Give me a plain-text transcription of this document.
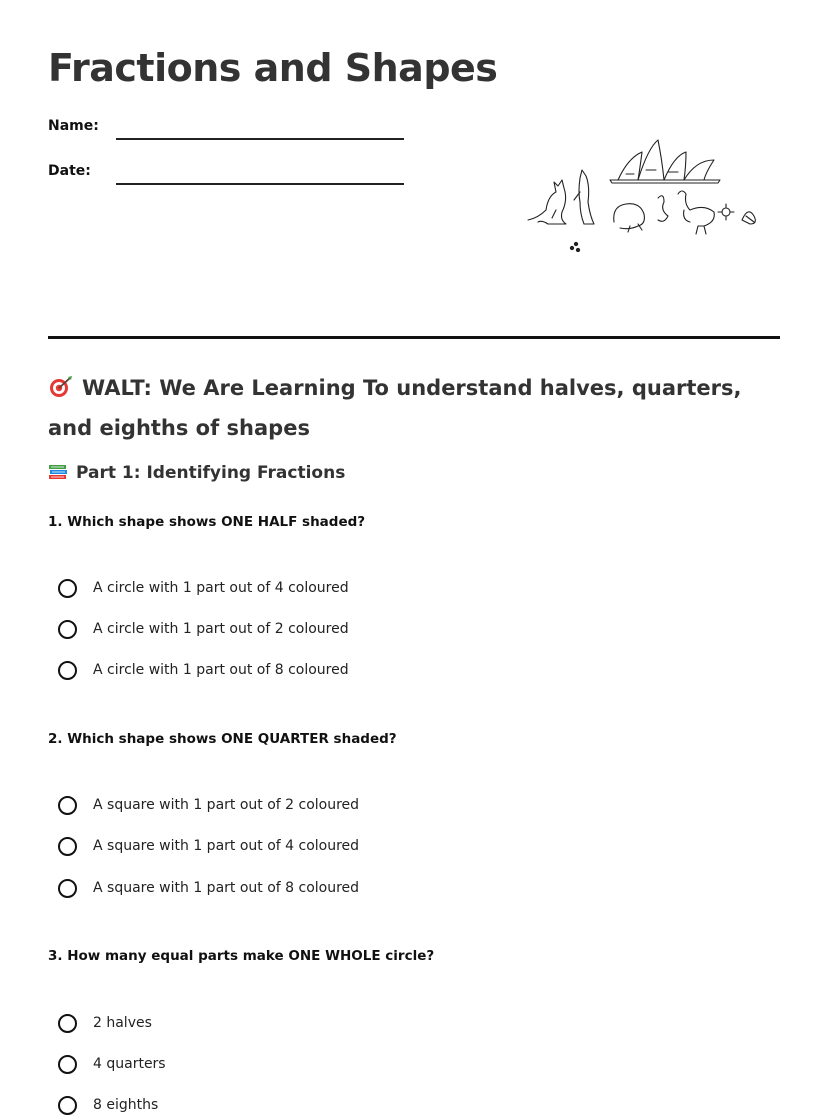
Fractions and Shapes
Name:
Date:
WALT: We Are Learning To understand halves, quarters, and eighths of shapes
Part 1: Identifying Fractions

1. Which shape shows ONE HALF shaded?

A circle with 1 part out of 4 coloured
A circle with 1 part out of 2 coloured
A circle with 1 part out of 8 coloured

2. Which shape shows ONE QUARTER shaded?

A square with 1 part out of 2 coloured
A square with 1 part out of 4 coloured
A square with 1 part out of 8 coloured

3. How many equal parts make ONE WHOLE circle?

2 halves
4 quarters
8 eighths
